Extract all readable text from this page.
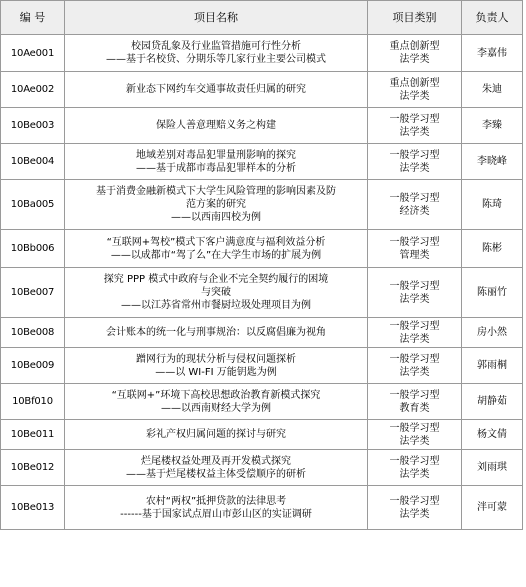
编 号	项目名称	项目类别	负责人
10Ae001	校园贷乱象及行业监管措施可行性分析
——基于名校贷、分期乐等几家行业主要公司模式	重点创新型
法学类	李嘉伟
10Ae002	新业态下网约车交通事故责任归属的研究	重点创新型
法学类	朱迪
10Be003	保险人善意理赔义务之构建	一般学习型
法学类	李臻
10Be004	地域差别对毒品犯罪量刑影响的探究
——基于成都市毒品犯罪样本的分析	一般学习型
法学类	李晓峰
10Ba005	基于消费金融新模式下大学生风险管理的影响因素及防
范方案的研究
——以西南四校为例	一般学习型
经济类	陈琦
10Bb006	“互联网+驾校”模式下客户满意度与福利效益分析
——以成都市“驾了么”在大学生市场的扩展为例	一般学习型
管理类	陈彬
10Be007	探究 PPP 模式中政府与企业不完全契约履行的困境
与突破
——以江苏省常州市餐厨垃圾处理项目为例	一般学习型
法学类	陈丽竹
10Be008	会计账本的统一化与刑事规治：以反腐倡廉为视角	一般学习型
法学类	房小然
10Be009	蹭网行为的现状分析与侵权问题探析
——以 WI-FI 万能钥匙为例	一般学习型
法学类	郭雨桐
10Bf010	“互联网+”环境下高校思想政治教育新模式探究
——以西南财经大学为例	一般学习型
教育类	胡静茹
10Be011	彩礼产权归属问题的探讨与研究	一般学习型
法学类	杨文倩
10Be012	烂尾楼权益处理及再开发模式探究
——基于烂尾楼权益主体受偿顺序的研析	一般学习型
法学类	刘雨琪
10Be013	农村“两权”抵押贷款的法律思考
------基于国家试点眉山市彭山区的实证调研	一般学习型
法学类	泮可蒙
